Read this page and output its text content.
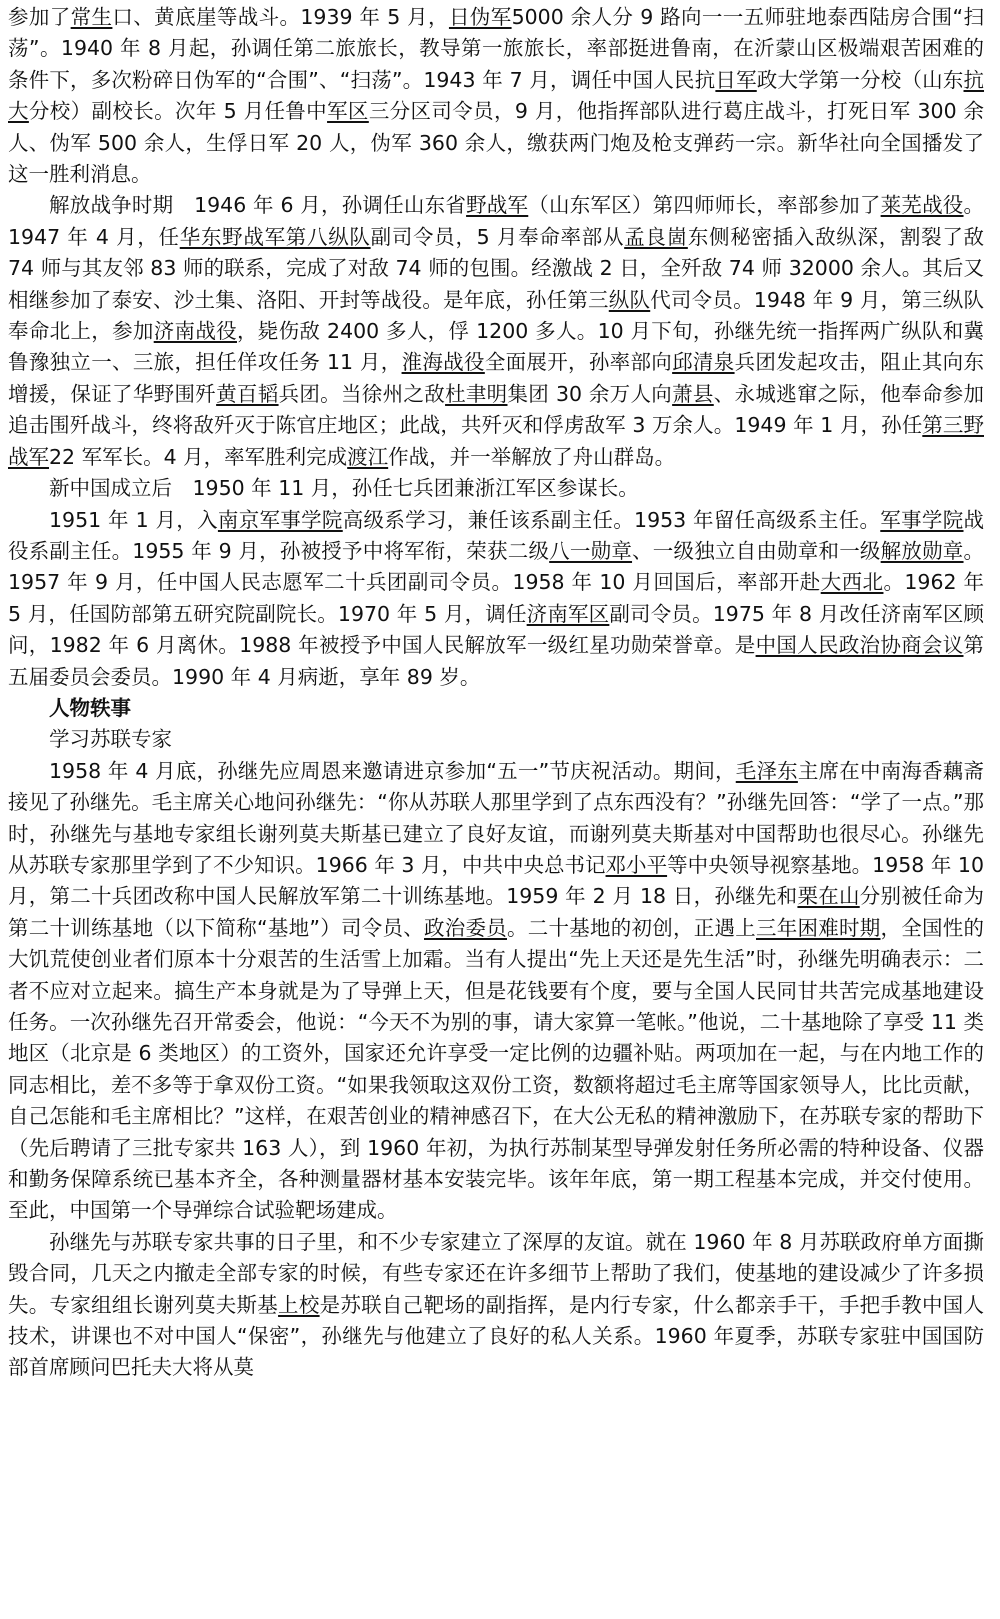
参加了常生口、黄底崖等战斗。1939 年 5 月，日伪军5000 余人分 9 路向一一五师驻地泰西陆房合围“扫荡”。1940 年 8 月起，孙调任第二旅旅长，教导第一旅旅长，率部挺进鲁南，在沂蒙山区极端艰苦困难的条件下，多次粉碎日伪军的“合围”、“扫荡”。1943 年 7 月，调任中国人民抗日军政大学第一分校（山东抗大分校）副校长。次年 5 月任鲁中军区三分区司令员，9 月，他指挥部队进行葛庄战斗，打死日军 300 余人、伪军 500 余人，生俘日军 20 人，伪军 360 余人，缴获两门炮及枪支弹药一宗。新华社向全国播发了这一胜利消息。

解放战争时期　1946 年 6 月，孙调任山东省野战军（山东军区）第四师师长，率部参加了莱芜战役。1947 年 4 月，任华东野战军第八纵队副司令员，5 月奉命率部从孟良崮东侧秘密插入敌纵深，割裂了敌 74 师与其友邻 83 师的联系，完成了对敌 74 师的包围。经激战 2 日，全歼敌 74 师 32000 余人。其后又相继参加了泰安、沙土集、洛阳、开封等战役。是年底，孙任第三纵队代司令员。1948 年 9 月，第三纵队奉命北上，参加济南战役，毙伤敌 2400 多人，俘 1200 多人。10 月下旬，孙继先统一指挥两广纵队和冀鲁豫独立一、三旅，担任佯攻任务 11 月，淮海战役全面展开，孙率部向邱清泉兵团发起攻击，阻止其向东增援，保证了华野围歼黄百韬兵团。当徐州之敌杜聿明集团 30 余万人向萧县、永城逃窜之际，他奉命参加追击围歼战斗，终将敌歼灭于陈官庄地区；此战，共歼灭和俘虏敌军 3 万余人。1949 年 1 月，孙任第三野战军22 军军长。4 月，率军胜利完成渡江作战，并一举解放了舟山群岛。

新中国成立后　1950 年 11 月，孙任七兵团兼浙江军区参谋长。

1951 年 1 月，入南京军事学院高级系学习，兼任该系副主任。1953 年留任高级系主任。军事学院战役系副主任。1955 年 9 月，孙被授予中将军衔，荣获二级八一勋章、一级独立自由勋章和一级解放勋章。1957 年 9 月，任中国人民志愿军二十兵团副司令员。1958 年 10 月回国后，率部开赴大西北。1962 年 5 月，任国防部第五研究院副院长。1970 年 5 月，调任济南军区副司令员。1975 年 8 月改任济南军区顾问，1982 年 6 月离休。1988 年被授予中国人民解放军一级红星功勋荣誉章。是中国人民政治协商会议第五届委员会委员。1990 年 4 月病逝，享年 89 岁。

人物轶事

学习苏联专家

1958 年 4 月底，孙继先应周恩来邀请进京参加“五一”节庆祝活动。期间，毛泽东主席在中南海香藕斋接见了孙继先。毛主席关心地问孙继先：“你从苏联人那里学到了点东西没有？”孙继先回答：“学了一点。”那时，孙继先与基地专家组长谢列莫夫斯基已建立了良好友谊，而谢列莫夫斯基对中国帮助也很尽心。孙继先从苏联专家那里学到了不少知识。1966 年 3 月，中共中央总书记邓小平等中央领导视察基地。1958 年 10 月，第二十兵团改称中国人民解放军第二十训练基地。1959 年 2 月 18 日，孙继先和栗在山分别被任命为第二十训练基地（以下简称“基地”）司令员、政治委员。二十基地的初创，正遇上三年困难时期，全国性的大饥荒使创业者们原本十分艰苦的生活雪上加霜。当有人提出“先上天还是先生活”时，孙继先明确表示：二者不应对立起来。搞生产本身就是为了导弹上天，但是花钱要有个度，要与全国人民同甘共苦完成基地建设任务。一次孙继先召开常委会，他说：“今天不为别的事，请大家算一笔帐。”他说，二十基地除了享受 11 类地区（北京是 6 类地区）的工资外，国家还允许享受一定比例的边疆补贴。两项加在一起，与在内地工作的同志相比，差不多等于拿双份工资。“如果我领取这双份工资，数额将超过毛主席等国家领导人，比比贡献，自己怎能和毛主席相比？”这样，在艰苦创业的精神感召下，在大公无私的精神激励下，在苏联专家的帮助下（先后聘请了三批专家共 163 人），到 1960 年初，为执行苏制某型导弹发射任务所必需的特种设备、仪器和勤务保障系统已基本齐全，各种测量器材基本安装完毕。该年年底，第一期工程基本完成，并交付使用。至此，中国第一个导弹综合试验靶场建成。

孙继先与苏联专家共事的日子里，和不少专家建立了深厚的友谊。就在 1960 年 8 月苏联政府单方面撕毁合同，几天之内撤走全部专家的时候，有些专家还在许多细节上帮助了我们，使基地的建设减少了许多损失。专家组组长谢列莫夫斯基上校是苏联自己靶场的副指挥，是内行专家，什么都亲手干，手把手教中国人技术，讲课也不对中国人“保密”，孙继先与他建立了良好的私人关系。1960 年夏季，苏联专家驻中国国防部首席顾问巴托夫大将从莫
